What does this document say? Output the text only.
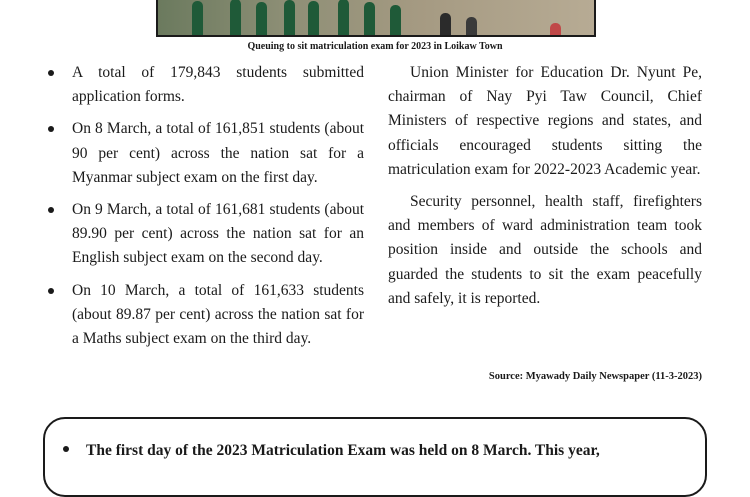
Queuing to sit matriculation exam for 2023 in Loikaw Town
A total of 179,843 students submitted application forms.
On 8 March, a total of 161,851 students (about 90 per cent) across the nation sat for a Myanmar subject exam on the first day.
On 9 March, a total of 161,681 students (about 89.90 per cent) across the nation sat for an English subject exam on the second day.
On 10 March, a total of 161,633 students (about 89.87 per cent) across the nation sat for a Maths subject exam on the third day.

Union Minister for Education Dr. Nyunt Pe, chairman of Nay Pyi Taw Council, Chief Ministers of respective regions and states, and officials encouraged students sitting the matriculation exam for 2022-2023 Academic year.

Security personnel, health staff, firefighters and members of ward administration team took position inside and outside the schools and guarded the students to sit the exam peacefully and safely, it is reported.

Source: Myawady Daily Newspaper (11-3-2023)
The first day of the 2023 Matriculation Exam was held on 8 March. This year,
